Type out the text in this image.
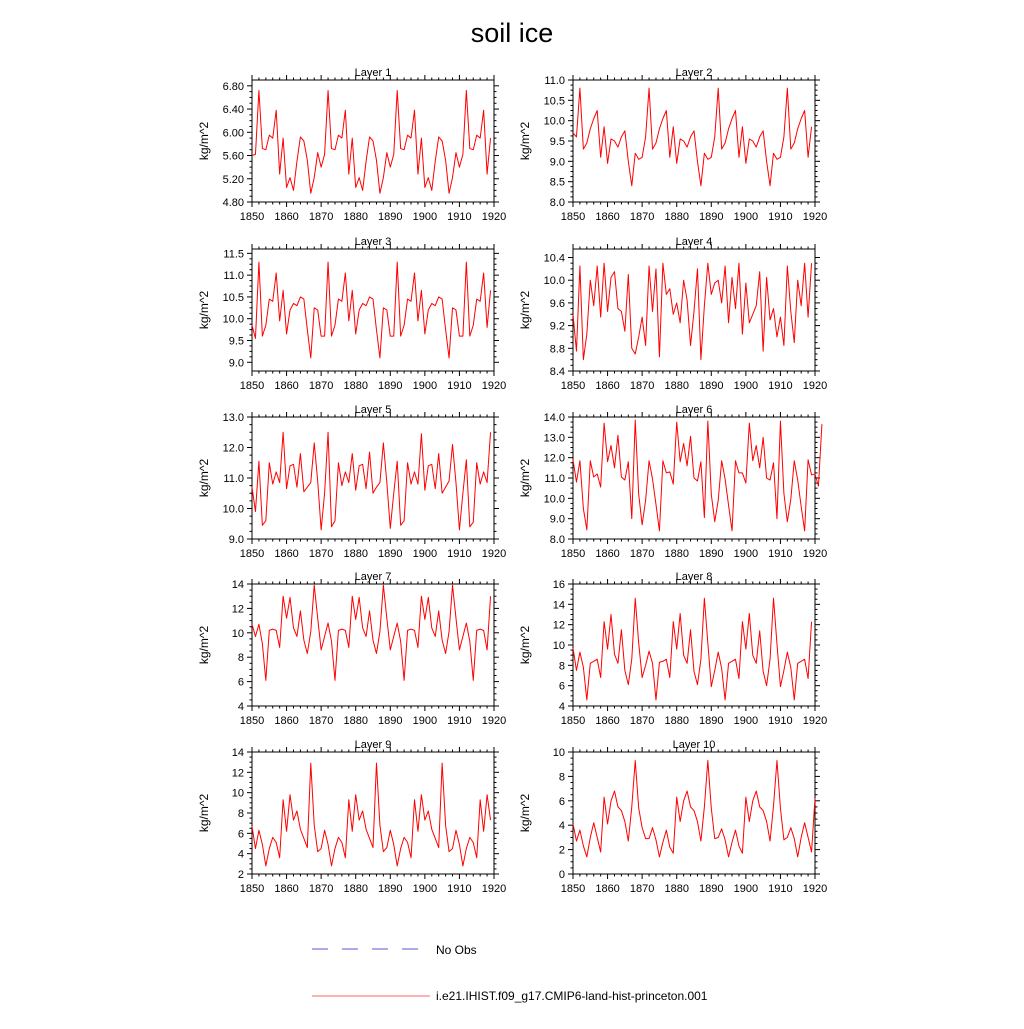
soil ice
Layer 1
1850 1860 1870 1880 1890 1900 1910 1920
4.80
5.20
5.60
6.00
6.40
6.80
kg/m^2
Layer 2
1850 1860 1870 1880 1890 1900 1910 1920
8.0
8.5
9.0
9.5
10.0
10.5
11.0
kg/m^2
Layer 3
1850 1860 1870 1880 1890 1900 1910 1920
9.0
9.5
10.0
10.5
11.0
11.5
kg/m^2
Layer 4
1850 1860 1870 1880 1890 1900 1910 1920
8.4
8.8
9.2
9.6
10.0
10.4
kg/m^2
Layer 5
1850 1860 1870 1880 1890 1900 1910 1920
9.0
10.0
11.0
12.0
13.0
kg/m^2
Layer 6
1850 1860 1870 1880 1890 1900 1910 1920
8.0
9.0
10.0
11.0
12.0
13.0
14.0
kg/m^2
Layer 7
1850 1860 1870 1880 1890 1900 1910 1920
4
6
8
10
12
14
kg/m^2
Layer 8
1850 1860 1870 1880 1890 1900 1910 1920
4
6
8
10
12
14
16
kg/m^2
Layer 9
1850 1860 1870 1880 1890 1900 1910 1920
2
4
6
8
10
12
14
kg/m^2
Layer 10
1850 1860 1870 1880 1890 1900 1910 1920
0
2
4
6
8
10
kg/m^2
No Obs
i.e21.IHIST.f09_g17.CMIP6-land-hist-princeton.001
